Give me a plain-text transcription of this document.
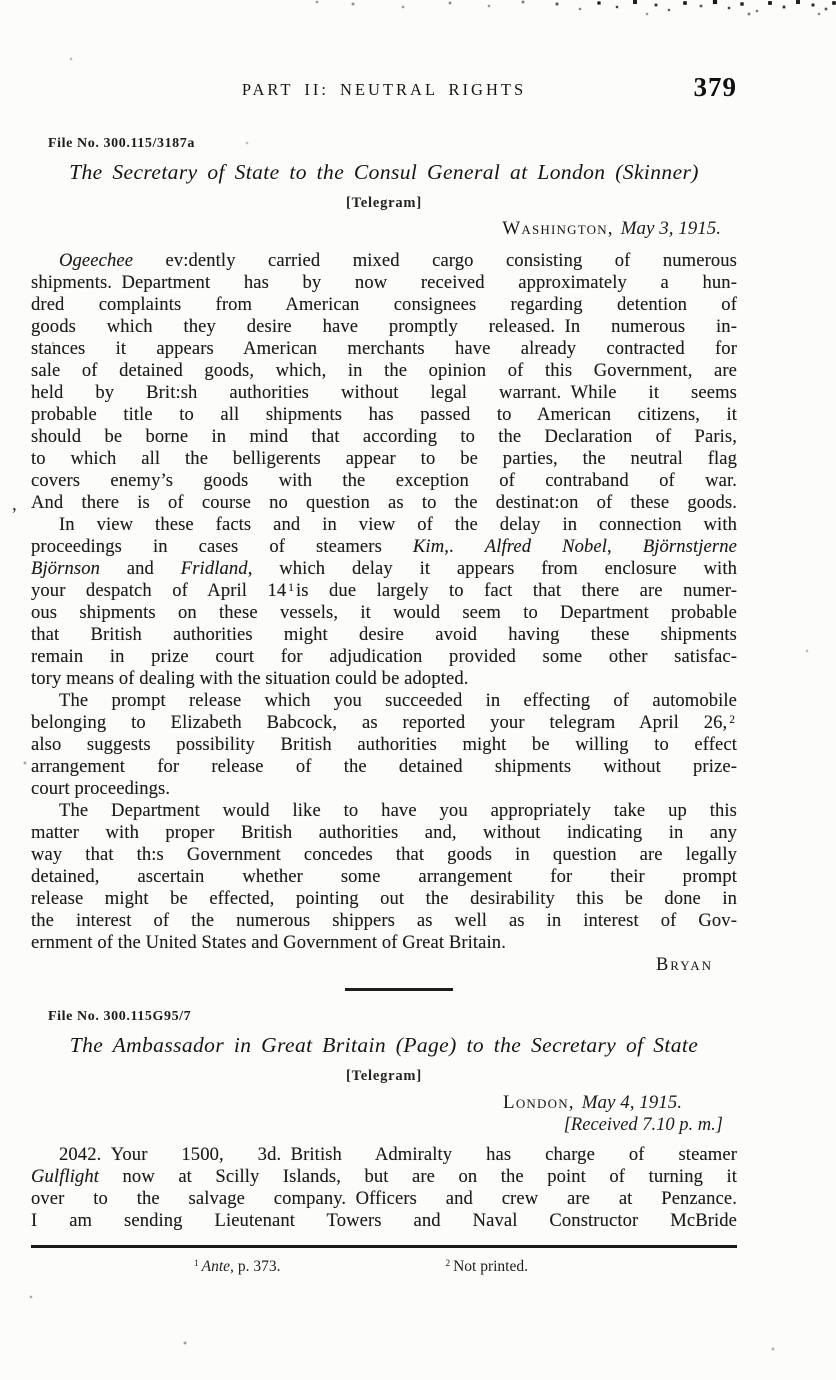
,
PART II: NEUTRAL RIGHTS	379
File No. 300.115/3187a
The Secretary of State to the Consul General at London (Skinner)
[Telegram]
Washington, May 3, 1915.
Ogeechee ev:dently carried mixed cargo consisting of numerous
shipments. Department has by now received approximately a hun-
dred complaints from American consignees regarding detention of
goods which they desire have promptly released. In numerous in-
stances it appears American merchants have already contracted for
sale of detained goods, which, in the opinion of this Government, are
held by Brit:sh authorities without legal warrant. While it seems
probable title to all shipments has passed to American citizens, it
should be borne in mind that according to the Declaration of Paris,
to which all the belligerents appear to be parties, the neutral flag
covers enemy’s goods with the exception of contraband of war.
And there is of course no question as to the destinat:on of these goods.
In view these facts and in view of the delay in connection with
proceedings in cases of steamers Kim,. Alfred Nobel, Björnstjerne
Björnson and Fridland, which delay it appears from enclosure with
your despatch of April 14 $^1$ is due largely to fact that there are numer-
ous shipments on these vessels, it would seem to Department probable
that British authorities might desire avoid having these shipments
remain in prize court for adjudication provided some other satisfac-
tory means of dealing with the situation could be adopted.
The prompt release which you succeeded in effecting of automobile
belonging to Elizabeth Babcock, as reported your telegram April 26, $^2$
also suggests possibility British authorities might be willing to effect
arrangement for release of the detained shipments without prize-
court proceedings.
The Department would like to have you appropriately take up this
matter with proper British authorities and, without indicating in any
way that th:s Government concedes that goods in question are legally
detained, ascertain whether some arrangement for their prompt
release might be effected, pointing out the desirability this be done in
the interest of the numerous shippers as well as in interest of Gov-
ernment of the United States and Government of Great Britain.
Bryan
File No. 300.115G95/7
The Ambassador in Great Britain (Page) to the Secretary of State
[Telegram]
London, May 4, 1915.
[Received 7.10 p. m.]
2042. Your 1500, 3d. British Admiralty has charge of steamer
Gulflight now at Scilly Islands, but are on the point of turning it
over to the salvage company. Officers and crew are at Penzance.
I am sending Lieutenant Towers and Naval Constructor McBride
$^1$ Ante, p. 373.	$^2$ Not printed.
